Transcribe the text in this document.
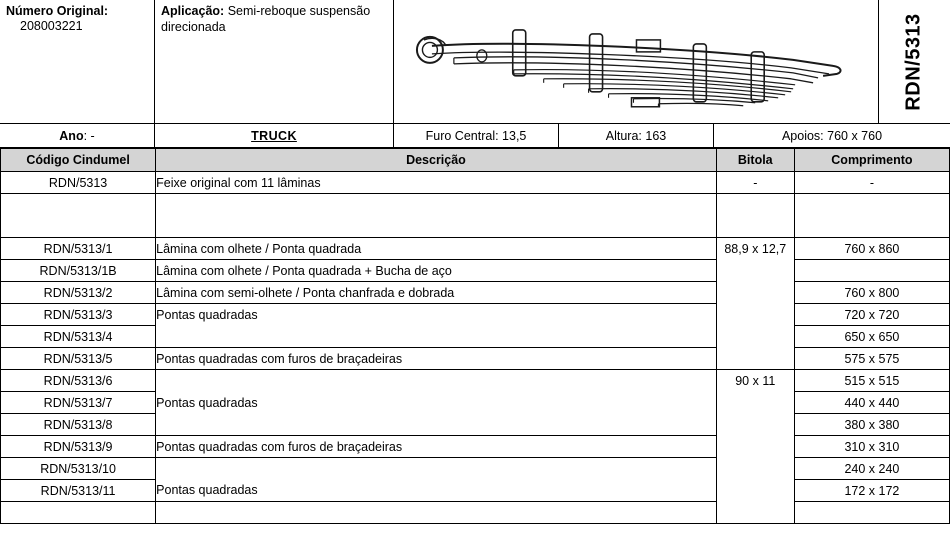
Número Original:
208003221
Aplicação: Semi-reboque suspensão direcionada	RDN/5313
Ano : -	TRUCK	Furo Central: 13,5	Altura: 163	Apoios: 760 x 760
Código Cindumel	Descrição	Bitola	Comprimento
RDN/5313	Feixe original com 11 lâminas	-	-

RDN/5313/1	Lâmina com olhete / Ponta quadrada	88,9 x 12,7	760 x 860
RDN/5313/1B	Lâmina com olhete / Ponta quadrada + Bucha de aço		
RDN/5313/2	Lâmina com semi-olhete / Ponta chanfrada e dobrada		760 x 800
RDN/5313/3	Pontas quadradas		720 x 720
RDN/5313/4			650 x 650
RDN/5313/5	Pontas quadradas com furos de braçadeiras		575 x 575
RDN/5313/6		90 x 11	515 x 515
RDN/5313/7	Pontas quadradas		440 x 440
RDN/5313/8			380 x 380
RDN/5313/9	Pontas quadradas com furos de braçadeiras		310 x 310
RDN/5313/10			240 x 240
RDN/5313/11	Pontas quadradas		172 x 172
